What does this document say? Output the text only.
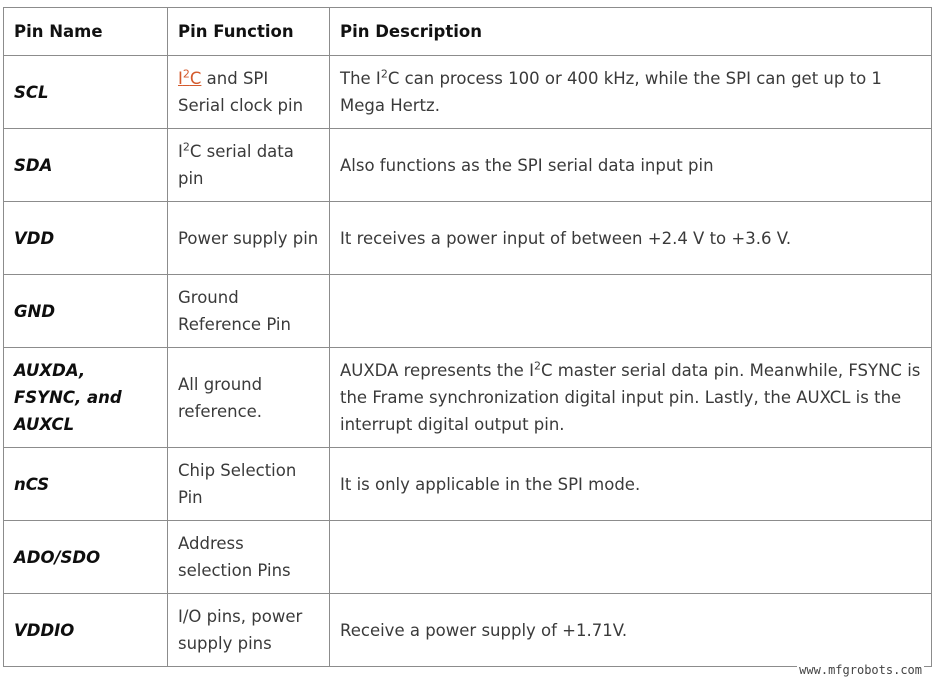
Pin Name	Pin Function	Pin Description
SCL	$I^2C$ and SPI Serial clock pin	The $I^2C$ can process 100 or 400 kHz, while the SPI can get up to 1 Mega Hertz.
SDA	$I^2C$ serial data pin	Also functions as the SPI serial data input pin
VDD	Power supply pin	It receives a power input of between +2.4 V to +3.6 V.
GND	Ground Reference Pin	
AUXDA, FSYNC, and AUXCL	All ground reference.	AUXDA represents the $I^2C$ master serial data pin. Meanwhile, FSYNC is the Frame synchronization digital input pin. Lastly, the AUXCL is the interrupt digital output pin.
nCS	Chip Selection Pin	It is only applicable in the SPI mode.
ADO/SDO	Address selection Pins	
VDDIO	I/O pins, power supply pins	Receive a power supply of +1.71V.
www.mfgrobots.com
